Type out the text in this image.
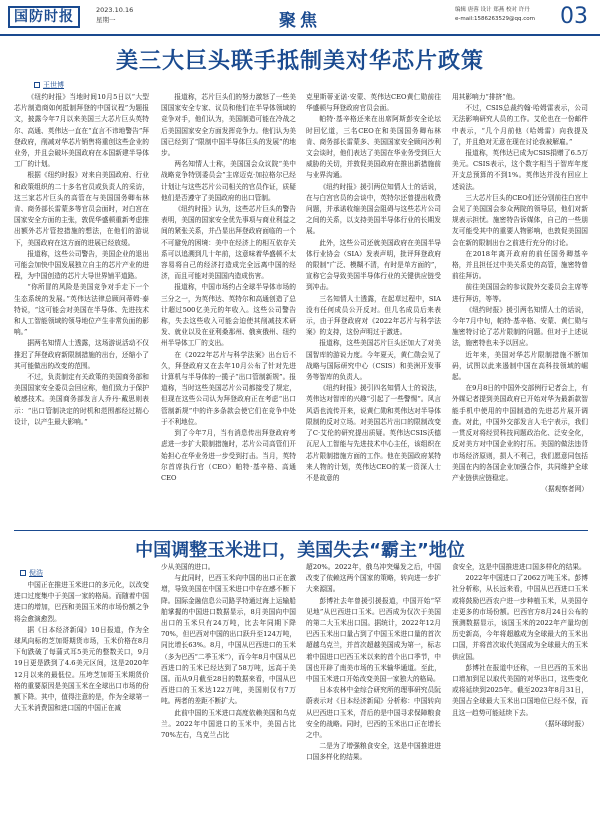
国防时报	2023.10.16
星期一	聚焦
编辑 唐蓉 设计 郑燕 校对 许丹
e-mail:1586263529@qq.com 03
美三大巨头联手抵制美对华芯片政策
王世博

《纽约时报》当地时间10月5日以“大型芯片制造商如何抵制拜登的中国议程”为题报文，披露今年7月以来美国三大芯片巨头英特尔、高通、英伟达一直在“直言不讳地警告”拜登政府，削减对华芯片销售将重创这些企业的业务，并且会破坏美国政府在本国新建半导体工厂的计划。

根据《纽约时报》对来自美国政府、行业和政策组织的二十多名官员或负责人的采访，这三家芯片巨头的高管在与美国国务卿布林肯、商务部长雷蒙多等官员会面时，对白宫在国家安全方面的主张，敦促华盛顿重新考虑推出额外芯片管控措施的想法，在他们的游说下，美国政府在这方面的进展已经放缓。

报道称，这些公司警告，美国企业的退出可能会加快中国发展独立自主的芯片产业的进程，为中国创造的芯片大导世界铺平道路。

“你所冒的风险是美国竞争对手走下一个生态系统的发展。”英伟达法律总顾问蒂姆·泰特说，“这可能会对美国在半导体、先进技术和人工智能领域的领导地位产生非常负面的影响。”

据两名知情人士透露，这场游说活动不仅推迟了拜登政府新限制措施的出台，还缩小了其可能做出的改变的范围。

不过，负责制定有关政策的美国商务部和美国国家安全委员会回应称，他们致力于保护敏感技术。美国商务部发言人乔丹·戴思则表示：“出口管制决定的时机和范围都经过精心设计，以产生最大影响。”

报道称，芯片巨头们的努力激怒了一些美国国家安全专家、议员和他们在半导体领域的竞争对手，他们认为，美国制造可能在冷战之后美国国家安全方面发挥竞争力。他们认为美国已经到了“限制中国半导体巨头的发展”的地步。

两名知情人士称，美国国会众议院“美中战略竞争特别委员会”主席迈克·加拉格尔已经计划让与这些芯片公司相关的官员作证，质疑他们是否遵守了美国政府的出口管制。

《纽约时报》认为，这些芯片巨头的警告表明，美国的国家安全优先事项与商业利益之间的紧张关系，并凸显出拜登政府面临的一个不可避免的困境：美中在经济上的相互依存关系可以追溯到几十年前，这意味着华盛顿不太容易将自己的经济打造成完全远离中国的经济，而且可能对美国国内造成伤害。

报道称，中国市场约占全球半导体市场的三分之一，为英伟达、英特尔和高通创造了总计超过500亿美元的年收入。这些公司警告称，失去这些收入可能会迫使其削减技术研发、就业以及在亚利桑那州、俄亥俄州、纽约州半导体工厂的支出。

在《2022年芯片与科学法案》出台后不久，拜登政府又在去年10月公布了针对先进计算机与半导体的一揽子“出口管制新规”。报道称，当时这些美国芯片公司都接受了规定，但现在这些公司认为拜登政府正在考虑“出口管制新规”中的许多条款会使它们在竞争中处于不利地位。

到了今年7月，当有消息传出拜登政府考虑进一步扩大限制措施时，芯片公司高管们开始担心在华业务进一步受到打击。当月，英特尔首席执行官（CEO）帕特·基辛格、高通CEO

克里斯蒂亚诺·安蒙、英伟达CEO黄仁勋前往华盛顿与拜登政府官员会面。

帕特·基辛格还来在出席阿斯彭安全论坛时回忆道，三名CEO在和美国国务卿布林肯、商务部长雷蒙多、美国国家安全顾问沙利文会谈时，他们表达了美国在华业务受到巨大威胁的关切，并敦促美国政府在推出新措施前与业界沟通。

《纽约时报》援引两位知情人士的话说，在与白宫官员的会谈中，英特尔还曾提出收费问题，并承诺收缩美国会阻碍与这些芯片公司之间的关系，以支持美国半导体行业的长期发展。

此外，这些公司还就美国政府在美国半导体行业协会（SIA）发表声明，批评拜登政府的限制“广泛、模糊不清，有时是单方面的”，宣称它会导致美国半导体行业的关键供应链受到冲击。

三名知情人士透露，在起草过程中，SIA没有任何成员公开反对。但几名成员后来表示，由于拜登政府对《2022年芯片与科学法案》的支持，这份声明过于激进。

报道称，这些美国芯片巨头还加大了对美国智库的游说力度。今年夏天，黄仁勋会见了战略与国际研究中心（CSIS）和美洲开发事务等智库的负责人。

《纽约时报》援引四名知情人士的说法，英伟达对智库的兴趣“引起了一些警惕”。风言风语也流传开来，说黄仁勋和英伟达对半导体限制的反对立场。对美国芯片出口的限制改变了C·艾伦的研究提出质疑。英伟达CSIS沃德瓦尼人工智能与先进技术中心主任，该组织在芯片限制措施方面的工作。他在美国政府某特来人物的计划，英伟达CEO的某一资深人士不是故意的

用其影响力“排挤”他。

不过，CSIS总裁约翰·哈姆雷表示，公司无法影响研究人员的工作。艾伦也在一份邮件中表示，“几个月前他（哈姆雷）向我提及了，并且绝对无意在现在讨论我被解雇。”

报道称，英伟达已成为CSIS捐赠了6.5万美元。CSIS表示，这个数字相当于智库年度开支总预算的不到1%。英伟达并没有回应上述说法。

三大芯片巨头的CEO们还分别前往白宫中会见了美国国会参众两院的领导层，他们对新规表示担忧。施密特告诉媒体，自己的一些朋友可能受其中的重要人物影响，也敦促美国国会在新的限制出台之前进行充分的讨论。

在2018年离开政府的前任国务卿基辛格，并且担任过中美关系史的高管，施密特曾前往拜访。

前往美国国会的参议院外交委员会主席等进行拜访，等等。

《纽约时报》援引两名知情人士的话说，今年7月中旬，帕特·基辛格、安蒙、黄仁勋与施密特讨论了芯片限制的问题。但对于上述说法，施密特也未予以回应。

近年来，美国对华芯片限制措施不断加码，试图以此来遏制中国在高科技领域的崛起。

在9月8日的中国外交部例行记者会上，有外媒记者提到美国政府已开始对华为最新款智能手机中使用的中国制造的先进芯片展开调查。对此，中国外交部发言人毛宁表示，我们一贯反对将经贸科技问题政治化、泛安全化，反对美方对中国企业的打压。美国的做法违背市场经济原则，损人不利己，我们愿意同包括美国在内的各国企业加强合作，共同维护全球产业链供应链稳定。

（据观察者网）

中国调整玉米进口，美国失去“霸主”地位
倪浩

中国正在推进玉米进口的多元化，以改变进口过度集中于美国一家的格局。而随着中国进口的增加，巴西和美国玉米的市场份额之争将会愈演愈烈。

据《日本经济新闻》10日报道，作为全球风向标的芝加哥期货市场，玉米价格在8月下旬跌破了每蒲式耳5美元的整数关口，9月19日更是跌到了4.6美元区间，这是2020年12月以来的最低位。压垮芝加哥玉米期货价格的重要原因是美国玉米在全球出口市场的份额下降。其中，值得注意的是，作为全球第一大玉米消费国和进口国的中国正在减

少从美国的进口。

与此同时，巴西玉米向中国的出口正在激增，导致美国在中国玉米进口中存在感不断下降。国际金融信息公司路孚特通过海上运输船舶掌握的中国进口数据显示，8月美国向中国出口的玉米只有24万吨，比去年同期下降70%，但巴西对中国的出口跃升至124万吨，同比增长63%。8月，中国从巴西进口的玉米（多为巴西“二季玉米”），而今年8月中国从巴西进口的玉米已经达到了58万吨，远高于美国。而从9月截至28日的数据来看，中国从巴西进口的玉米达122万吨，美国则仅有7万吨。两者的差距不断扩大。

此前中国的玉米进口高度依赖美国和乌克兰。2022年中国进口的玉米中，美国占比70%左右，乌克兰占比

超20%。2022年，俄乌冲突爆发之后，中国改变了依赖这两个国家的策略，转向进一步扩大来源国。

彭博社去年曾援引援报道，中国开始“罕见地”从巴西进口玉米。巴西成为仅次于美国的第二大玉米出口国。据统计，2022年12月巴西玉米出口量占到了中国玉米进口量的首次超越乌克兰，并首次超越美国成为第一，标志着中国进口巴西玉米以来的首个出口季节，中国也开辟了南美市场的玉米输华通道。至此，中国玉米进口开始改变美国一家独大的格局。

日本农林中金综合研究所的理事研究员阮蔚表示对《日本经济新闻》分析称：中国转向从巴西进口玉米，背后的是中国寻求保障粮食安全的战略。同时，巴西的玉米出口正在增长之中。

二是为了增强粮食安全，这是中国推进进口国多样化的结果。

食安全，这是中国推进进口国多样化的结果。

2022年中国进口了2062万吨玉米。彭博社分析称，从长远来看，中国从巴西进口玉米或将鼓励巴西农户进一步种植玉米，从美国夺走更多的市场份额。巴西官方8月24日公布的预测数据显示，该国玉米的2022年产量均创历史新高，今年将超越成为全球最大的玉米出口国，并将首次取代美国成为全球最大的玉米供应国。

彭博社在报道中还称，一旦巴西的玉米出口增加到足以取代美国的对华出口，这些变化或将延续到2025年。截至2023年8月31日，美国占全球最大玉米出口国地位已经不保，而且这一趋势可能延续下去。

（据环球时报）
